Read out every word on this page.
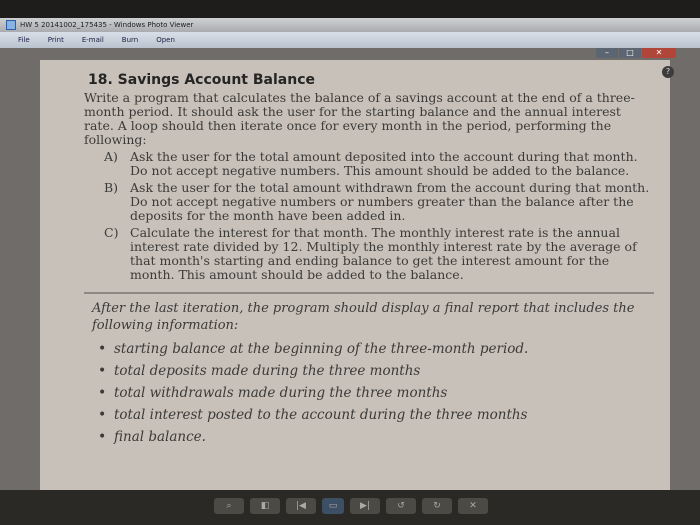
HW 5 20141002_175435 - Windows Photo Viewer
File	Print	E-mail	Burn	Open
–	□	✕
18. Savings Account Balance
Write a program that calculates the balance of a savings account at the end of a three-month period. It should ask the user for the starting balance and the annual interest rate. A loop should then iterate once for every month in the period, performing the following:
A) Ask the user for the total amount deposited into the account during that month. Do not accept negative numbers. This amount should be added to the balance.
B) Ask the user for the total amount withdrawn from the account during that month. Do not accept negative numbers or numbers greater than the balance after the deposits for the month have been added in.
C) Calculate the interest for that month. The monthly interest rate is the annual interest rate divided by 12. Multiply the monthly interest rate by the average of that month's starting and ending balance to get the interest amount for the month. This amount should be added to the balance.
After the last iteration, the program should display a final report that includes the following information:
• starting balance at the beginning of the three-month period.
• total deposits made during the three months
• total withdrawals made during the three months
• total interest posted to the account during the three months
• final balance.
?
⌕	◧	|◀	▭	▶|	↺	↻	✕
